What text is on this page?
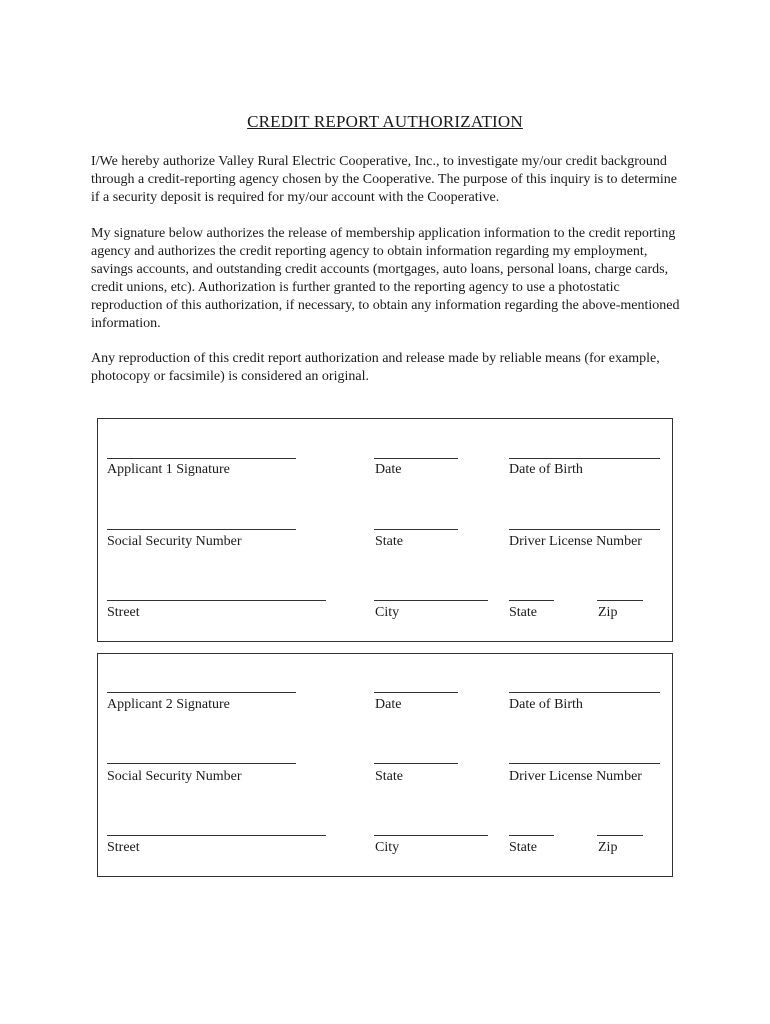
CREDIT REPORT AUTHORIZATION

I/We hereby authorize Valley Rural Electric Cooperative, Inc., to investigate my/our credit background through a credit-reporting agency chosen by the Cooperative. The purpose of this inquiry is to determine if a security deposit is required for my/our account with the Cooperative.

My signature below authorizes the release of membership application information to the credit reporting agency and authorizes the credit reporting agency to obtain information regarding my employment, savings accounts, and outstanding credit accounts (mortgages, auto loans, personal loans, charge cards, credit unions, etc). Authorization is further granted to the reporting agency to use a photostatic reproduction of this authorization, if necessary, to obtain any information regarding the above-mentioned information.

Any reproduction of this credit report authorization and release made by reliable means (for example, photocopy or facsimile) is considered an original.

Applicant 1 Signature	Date	Date of Birth
Social Security Number	State	Driver License Number
Street	City	State	Zip
Applicant 2 Signature	Date	Date of Birth
Social Security Number	State	Driver License Number
Street	City	State	Zip
